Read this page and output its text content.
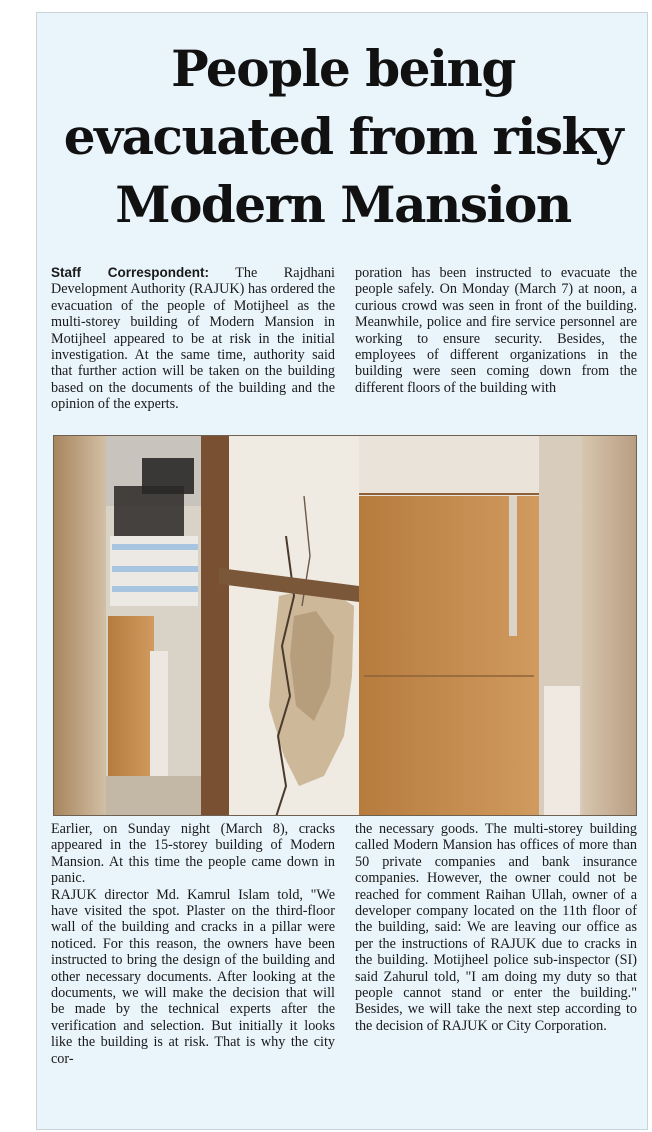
People being evacuated from risky Modern Mansion

Staff Correspondent: The Rajdhani Development Authority (RAJUK) has ordered the evacuation of the people of Motijheel as the multi-storey building of Modern Mansion in Motijheel appeared to be at risk in the initial investigation. At the same time, authority said that further action will be taken on the building based on the documents of the building and the opinion of the experts.

poration has been instructed to evacuate the people safely. On Monday (March 7) at noon, a curious crowd was seen in front of the building. Meanwhile, police and fire service personnel are working to ensure security. Besides, the employees of different organizations in the building were seen coming down from the different floors of the building with

Earlier, on Sunday night (March 8), cracks appeared in the 15-storey building of Modern Mansion. At this time the people came down in panic.

RAJUK director Md. Kamrul Islam told, "We have visited the spot. Plaster on the third-floor wall of the building and cracks in a pillar were noticed. For this reason, the owners have been instructed to bring the design of the building and other necessary documents. After looking at the documents, we will make the decision that will be made by the technical experts after the verification and selection. But initially it looks like the building is at risk. That is why the city cor-

the necessary goods. The multi-storey building called Modern Mansion has offices of more than 50 private companies and bank insurance companies. However, the owner could not be reached for comment Raihan Ullah, owner of a developer company located on the 11th floor of the building, said: We are leaving our office as per the instructions of RAJUK due to cracks in the building. Motijheel police sub-inspector (SI) said Zahurul told, "I am doing my duty so that people cannot stand or enter the building." Besides, we will take the next step according to the decision of RAJUK or City Corporation.
